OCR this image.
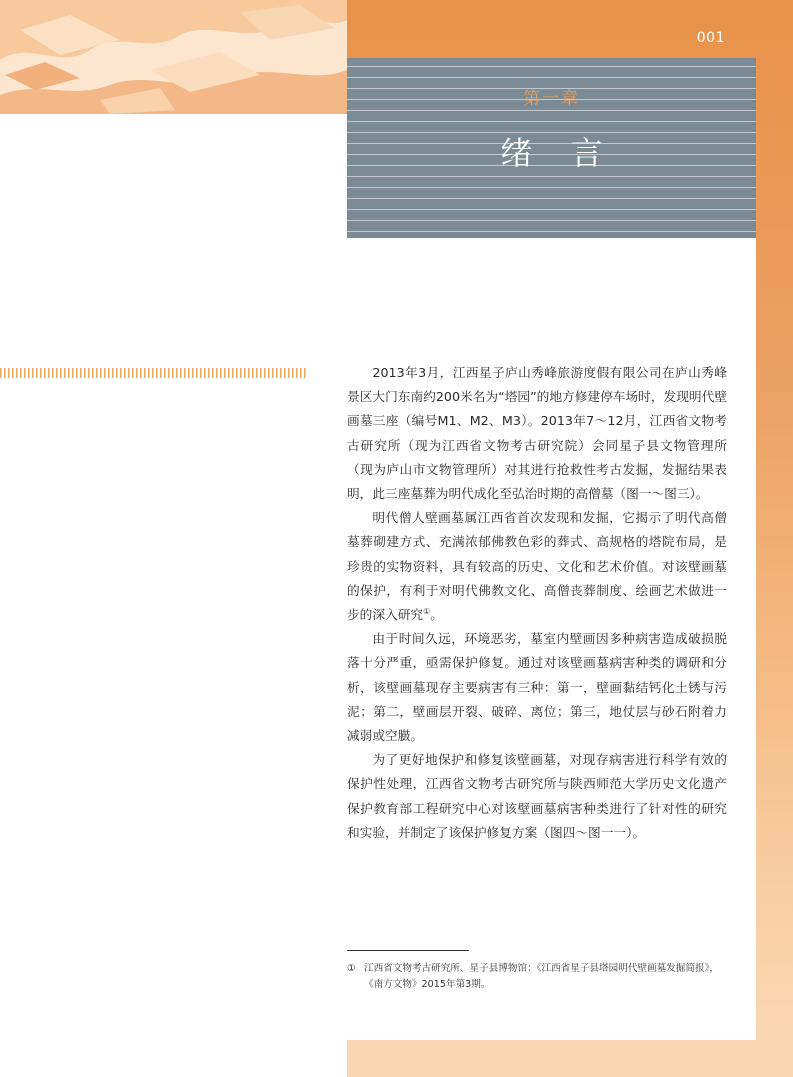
001
第一章
绪 言

2013年3月，江西星子庐山秀峰旅游度假有限公司在庐山秀峰景区大门东南约200米名为“塔园”的地方修建停车场时，发现明代壁画墓三座（编号M1、M2、M3）。2013年7～12月，江西省文物考古研究所（现为江西省文物考古研究院）会同星子县文物管理所（现为庐山市文物管理所）对其进行抢救性考古发掘，发掘结果表明，此三座墓葬为明代成化至弘治时期的高僧墓（图一～图三）。

明代僧人壁画墓属江西省首次发现和发掘，它揭示了明代高僧墓葬砌建方式、充满浓郁佛教色彩的葬式、高规格的塔院布局，是珍贵的实物资料，具有较高的历史、文化和艺术价值。对该壁画墓的保护，有利于对明代佛教文化、高僧丧葬制度、绘画艺术做进一步的深入研究①。

由于时间久远，环境恶劣，墓室内壁画因多种病害造成破损脱落十分严重，亟需保护修复。通过对该壁画墓病害种类的调研和分析，该壁画墓现存主要病害有三种：第一，壁画黏结钙化土锈与污泥；第二，壁画层开裂、破碎、离位；第三，地仗层与砂石附着力减弱或空臌。

为了更好地保护和修复该壁画墓，对现存病害进行科学有效的保护性处理，江西省文物考古研究所与陕西师范大学历史文化遗产保护教育部工程研究中心对该壁画墓病害种类进行了针对性的研究和实验，并制定了该保护修复方案（图四～图一一）。

① 江西省文物考古研究所、星子县博物馆：《江西省星子县塔园明代壁画墓发掘简报》，《南方文物》2015年第3期。
